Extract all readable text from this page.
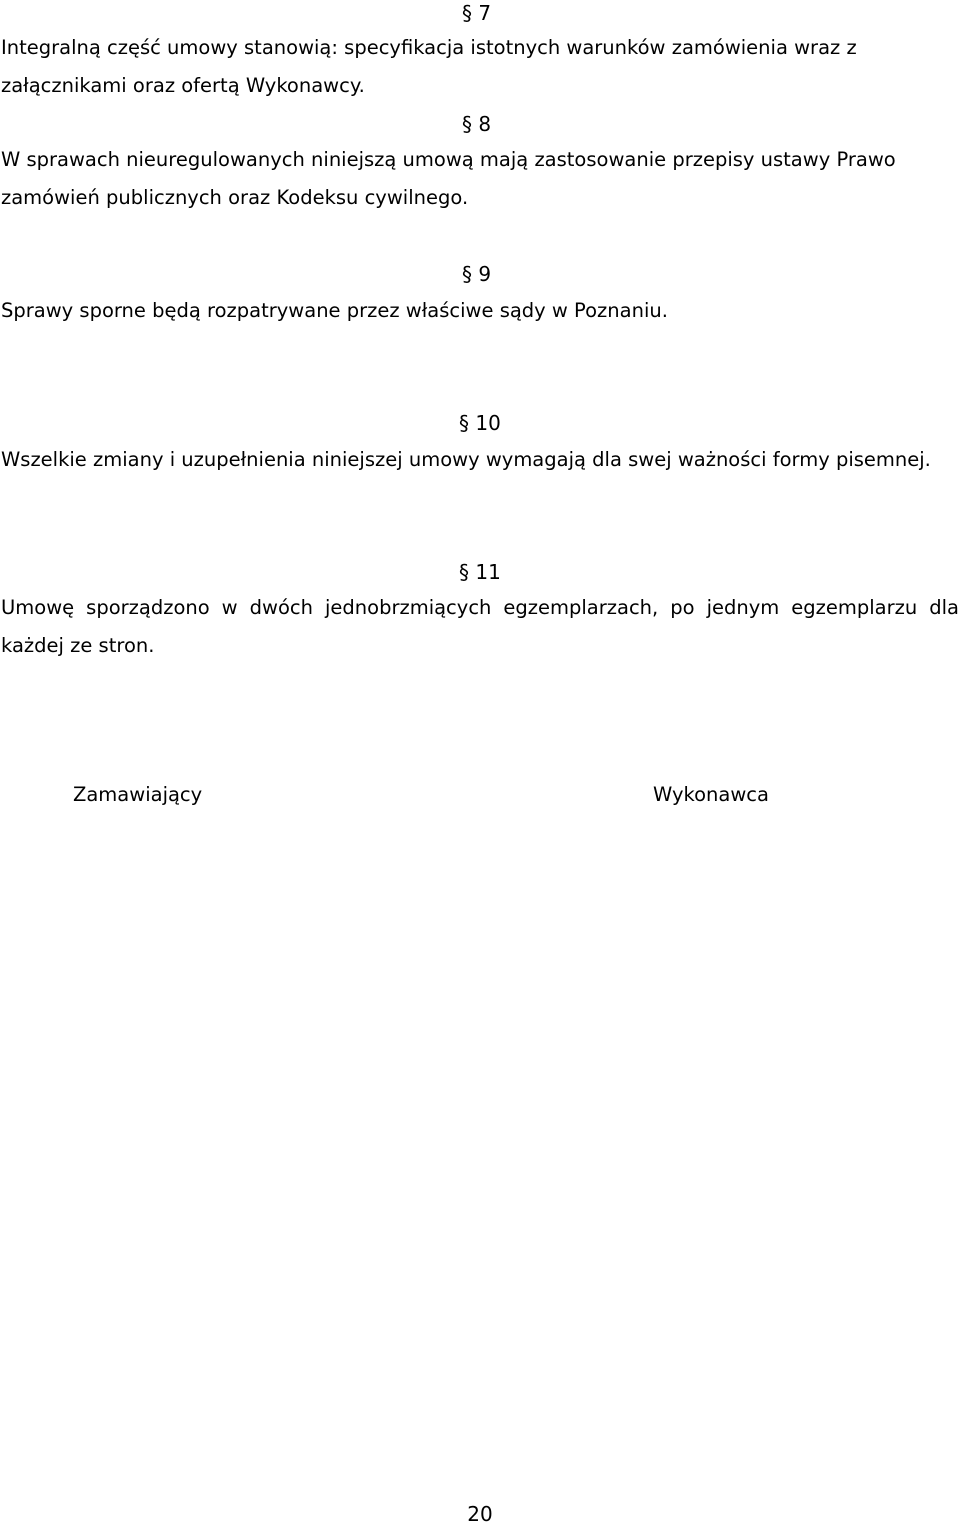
§ 7
Integralną część umowy stanowią: specyfikacja istotnych warunków zamówienia wraz z załącznikami oraz ofertą Wykonawcy.
§ 8
W sprawach nieuregulowanych niniejszą umową mają zastosowanie przepisy ustawy Prawo zamówień publicznych oraz Kodeksu cywilnego.
§ 9
Sprawy sporne będą rozpatrywane przez właściwe sądy w Poznaniu.
§ 10
Wszelkie zmiany i uzupełnienia niniejszej umowy wymagają dla swej ważności formy pisemnej.
§ 11
Umowę sporządzono w dwóch jednobrzmiących egzemplarzach, po jednym egzemplarzu dla każdej ze stron.
Zamawiający	Wykonawca
20
